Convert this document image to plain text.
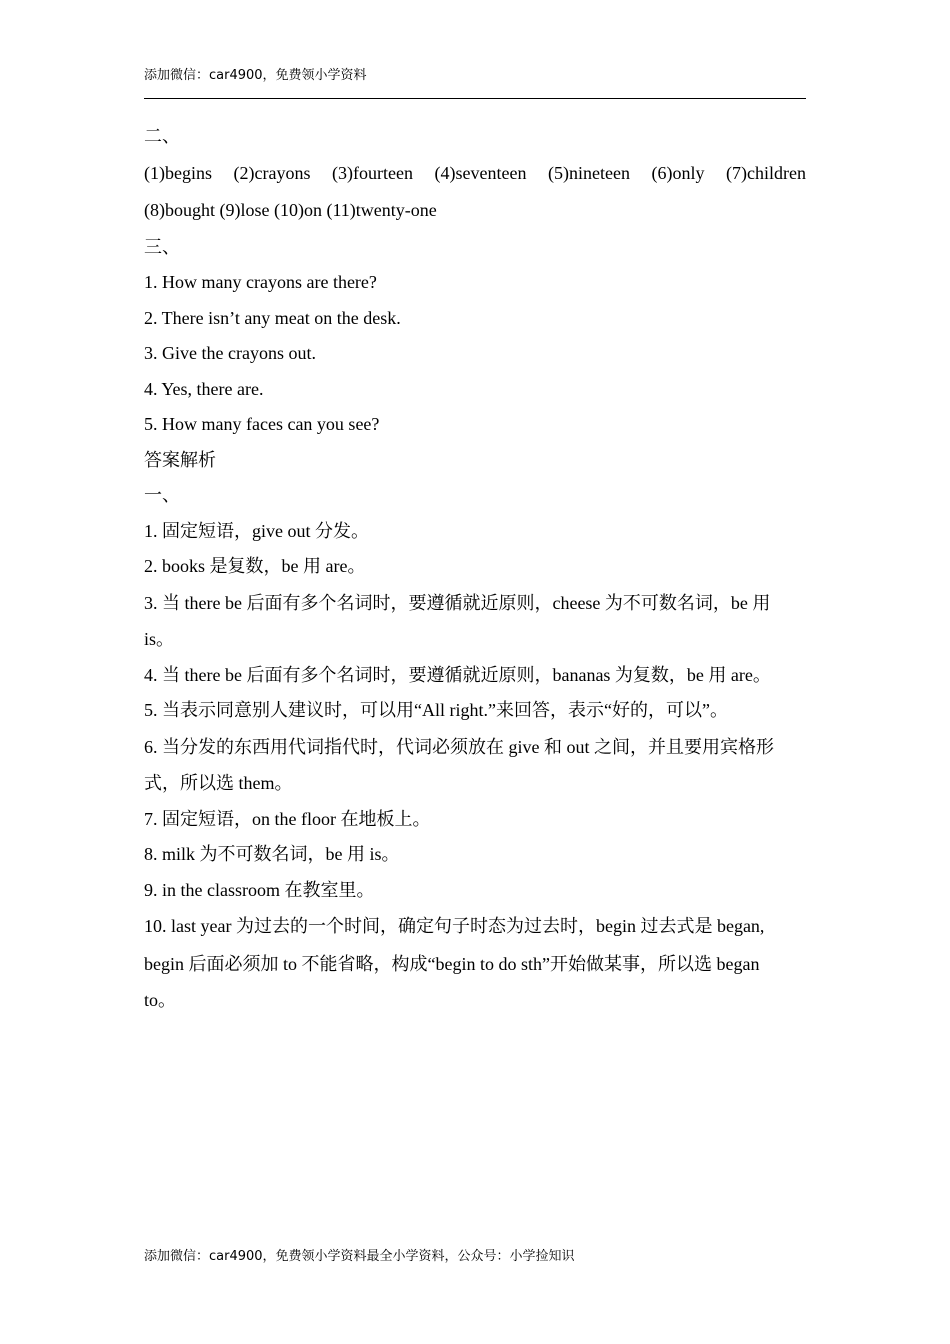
添加微信：car4900，免费领小学资料
二、
(1)begins (2)crayons (3)fourteen (4)seventeen (5)nineteen (6)only (7)children
(8)bought (9)lose (10)on (11)twenty-one
三、
1. How many crayons are there?
2. There isn’t any meat on the desk.
3. Give the crayons out.
4. Yes, there are.
5. How many faces can you see?
答案解析
一、
1. 固定短语，give out 分发。
2. books 是复数，be 用 are。
3. 当 there be 后面有多个名词时，要遵循就近原则，cheese 为不可数名词，be 用
is。
4. 当 there be 后面有多个名词时，要遵循就近原则，bananas 为复数，be 用 are。
5. 当表示同意别人建议时，可以用“All right.”来回答，表示“好的，可以”。
6. 当分发的东西用代词指代时，代词必须放在 give 和 out 之间，并且要用宾格形
式，所以选 them。
7. 固定短语，on the floor 在地板上。
8. milk 为不可数名词，be 用 is。
9. in the classroom 在教室里。
10. last year 为过去的一个时间，确定句子时态为过去时，begin 过去式是 began,
begin 后面必须加 to 不能省略，构成“begin to do sth”开始做某事，所以选 began
to。
添加微信：car4900，免费领小学资料最全小学资料，公众号：小学捡知识
